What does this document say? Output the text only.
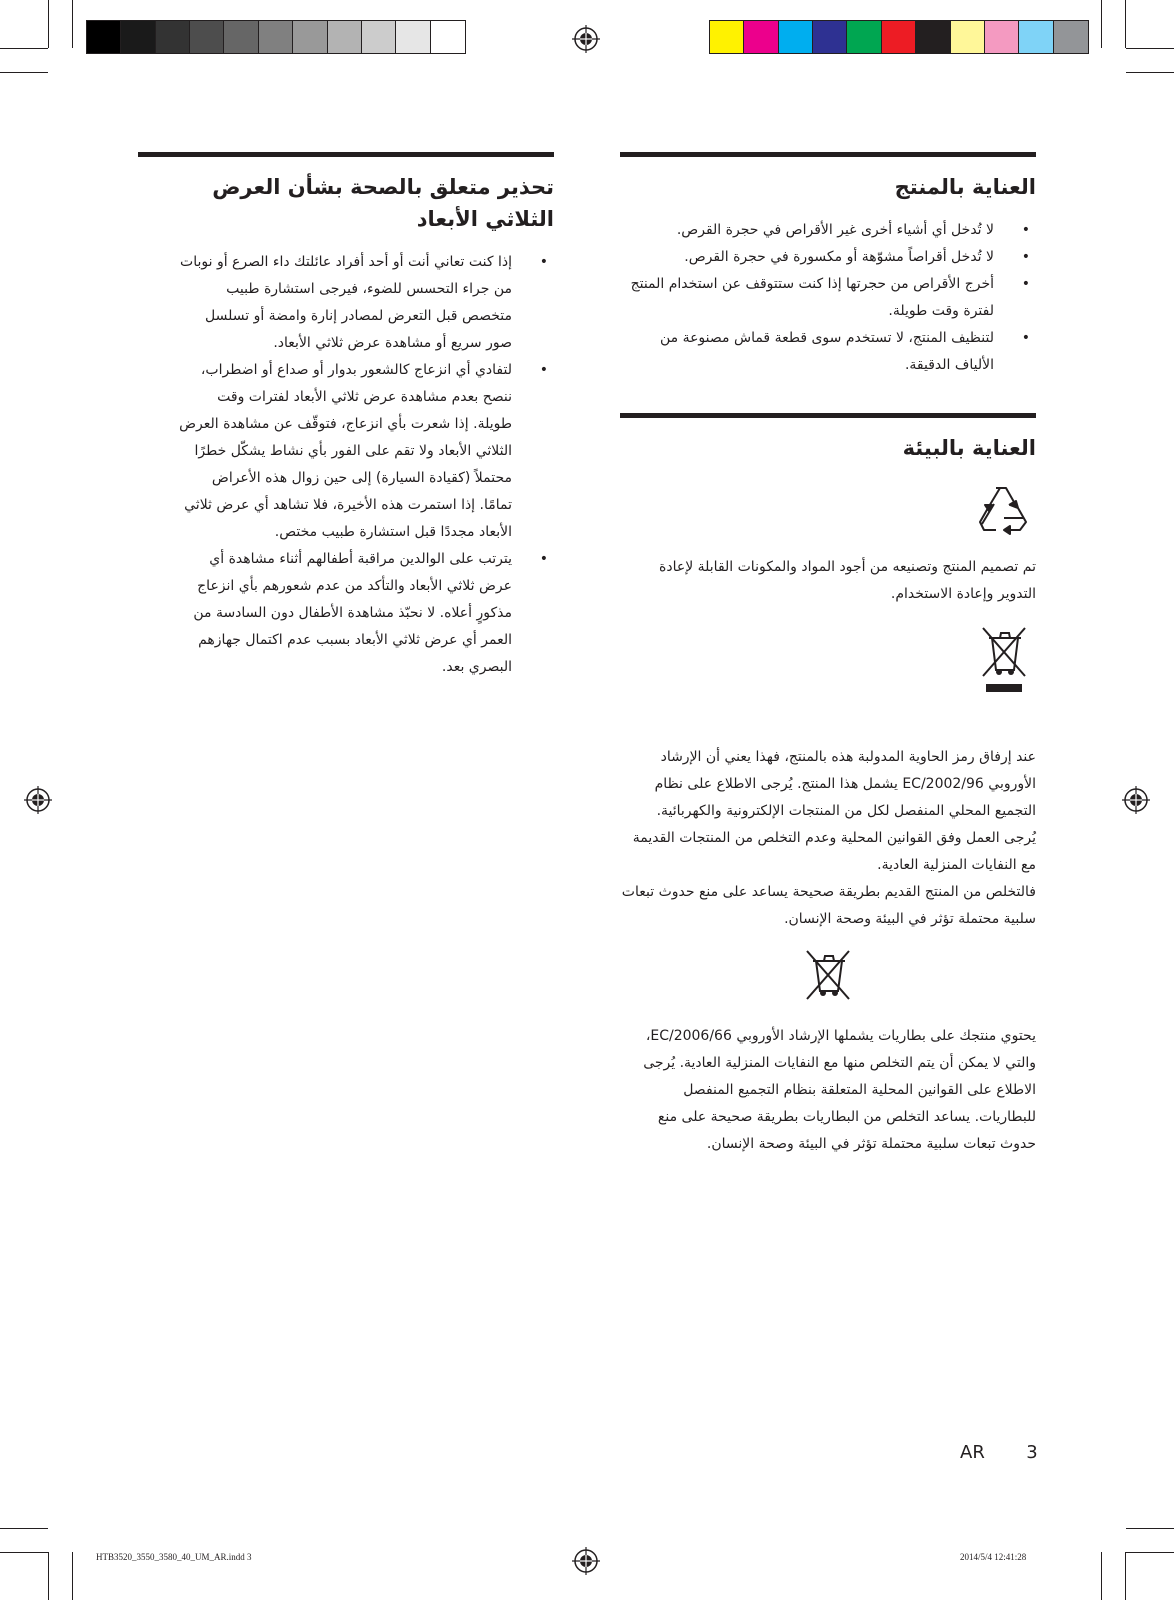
العناية بالمنتج
•
لا تُدخل أي أشياء أخرى غير الأقراص في حجرة القرص.
•
لا تُدخل أقراصاً مشوّهة أو مكسورة في حجرة القرص.
•
أخرج الأقراص من حجرتها إذا كنت ستتوقف عن استخدام المنتج لفترة وقت طويلة.
•
لتنظيف المنتج، لا تستخدم سوى قطعة قماش مصنوعة من الألياف الدقيقة.
العناية بالبيئة

تم تصميم المنتج وتصنيعه من أجود المواد والمكونات القابلة لإعادة التدوير وإعادة الاستخدام.

عند إرفاق رمز الحاوية المدولبة هذه بالمنتج، فهذا يعني أن الإرشاد الأوروبي EC/2002/96 يشمل هذا المنتج. يُرجى الاطلاع على نظام التجميع المحلي المنفصل لكل من المنتجات الإلكترونية والكهربائية.

يُرجى العمل وفق القوانين المحلية وعدم التخلص من المنتجات القديمة مع النفايات المنزلية العادية.

فالتخلص من المنتج القديم بطريقة صحيحة يساعد على منع حدوث تبعات سلبية محتملة تؤثر في البيئة وصحة الإنسان.

يحتوي منتجك على بطاريات يشملها الإرشاد الأوروبي EC/2006/66، والتي لا يمكن أن يتم التخلص منها مع النفايات المنزلية العادية. يُرجى الاطلاع على القوانين المحلية المتعلقة بنظام التجميع المنفصل للبطاريات. يساعد التخلص من البطاريات بطريقة صحيحة على منع حدوث تبعات سلبية محتملة تؤثر في البيئة وصحة الإنسان.

تحذير متعلق بالصحة بشأن العرض الثلاثي الأبعاد
•
إذا كنت تعاني أنت أو أحد أفراد عائلتك داء الصرع أو نوبات من جراء التحسس للضوء، فيرجى استشارة طبيب متخصص قبل التعرض لمصادر إنارة وامضة أو تسلسل صور سريع أو مشاهدة عرض ثلاثي الأبعاد.
•
لتفادي أي انزعاج كالشعور بدوار أو صداع أو اضطراب، ننصح بعدم مشاهدة عرض ثلاثي الأبعاد لفترات وقت طويلة. إذا شعرت بأي انزعاج، فتوقّف عن مشاهدة العرض الثلاثي الأبعاد ولا تقم على الفور بأي نشاط يشكّل خطرًا محتملاً (كقيادة السيارة) إلى حين زوال هذه الأعراض تمامًا. إذا استمرت هذه الأخيرة، فلا تشاهد أي عرض ثلاثي الأبعاد مجددًا قبل استشارة طبيب مختص.
•
يترتب على الوالدين مراقبة أطفالهم أثناء مشاهدة أي عرض ثلاثي الأبعاد والتأكد من عدم شعورهم بأي انزعاج مذكورٍ أعلاه. لا نحبّذ مشاهدة الأطفال دون السادسة من العمر أي عرض ثلاثي الأبعاد بسبب عدم اكتمال جهازهم البصري بعد.
AR 3
HTB3520_3550_3580_40_UM_AR.indd 3	2014/5/4 12:41:28
